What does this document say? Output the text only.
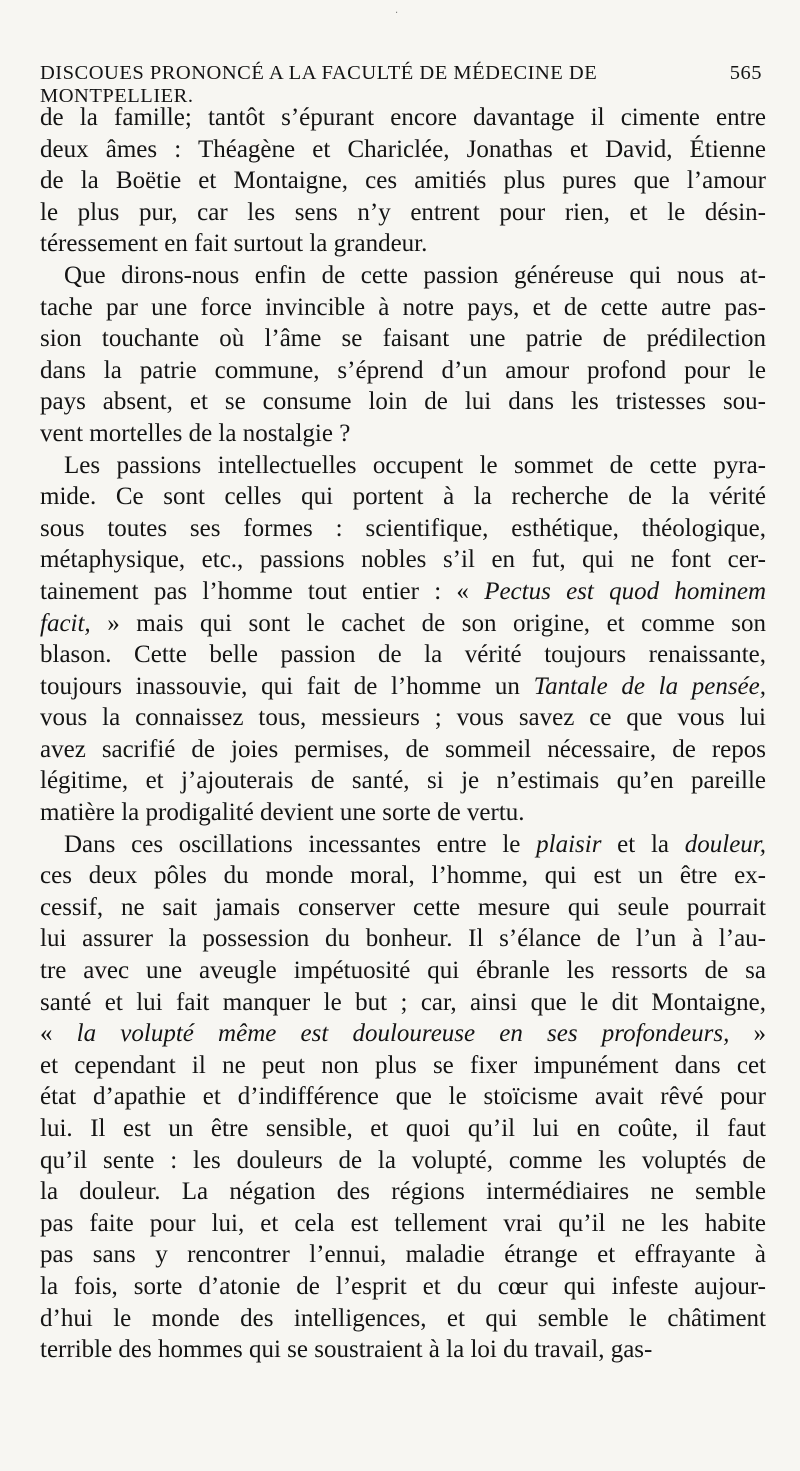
‧
DISCOUES PRONONCÉ A LA FACULTÉ DE MÉDECINE DE MONTPELLIER.
565
de la famille; tantôt s’épurant encore davantage il cimente entre
deux âmes : Théagène et Chariclée, Jonathas et David, Étienne
de la Boëtie et Montaigne, ces amitiés plus pures que l’amour
le plus pur, car les sens n’y entrent pour rien, et le désin-
téressement en fait surtout la grandeur.
Que dirons-nous enfin de cette passion généreuse qui nous at-
tache par une force invincible à notre pays, et de cette autre pas-
sion touchante où l’âme se faisant une patrie de prédilection
dans la patrie commune, s’éprend d’un amour profond pour le
pays absent, et se consume loin de lui dans les tristesses sou-
vent mortelles de la nostalgie ?
Les passions intellectuelles occupent le sommet de cette pyra-
mide. Ce sont celles qui portent à la recherche de la vérité
sous toutes ses formes : scientifique, esthétique, théologique,
métaphysique, etc., passions nobles s’il en fut, qui ne font cer-
tainement pas l’homme tout entier : « Pectus est quod hominem
facit, » mais qui sont le cachet de son origine, et comme son
blason. Cette belle passion de la vérité toujours renaissante,
toujours inassouvie, qui fait de l’homme un Tantale de la pensée,
vous la connaissez tous, messieurs ; vous savez ce que vous lui
avez sacrifié de joies permises, de sommeil nécessaire, de repos
légitime, et j’ajouterais de santé, si je n’estimais qu’en pareille
matière la prodigalité devient une sorte de vertu.
Dans ces oscillations incessantes entre le plaisir et la douleur,
ces deux pôles du monde moral, l’homme, qui est un être ex-
cessif, ne sait jamais conserver cette mesure qui seule pourrait
lui assurer la possession du bonheur. Il s’élance de l’un à l’au-
tre avec une aveugle impétuosité qui ébranle les ressorts de sa
santé et lui fait manquer le but ; car, ainsi que le dit Montaigne,
« la volupté même est douloureuse en ses profondeurs, »
et cependant il ne peut non plus se fixer impunément dans cet
état d’apathie et d’indifférence que le stoïcisme avait rêvé pour
lui. Il est un être sensible, et quoi qu’il lui en coûte, il faut
qu’il sente : les douleurs de la volupté, comme les voluptés de
la douleur. La négation des régions intermédiaires ne semble
pas faite pour lui, et cela est tellement vrai qu’il ne les habite
pas sans y rencontrer l’ennui, maladie étrange et effrayante à
la fois, sorte d’atonie de l’esprit et du cœur qui infeste aujour-
d’hui le monde des intelligences, et qui semble le châtiment
terrible des hommes qui se soustraient à la loi du travail, gas-
